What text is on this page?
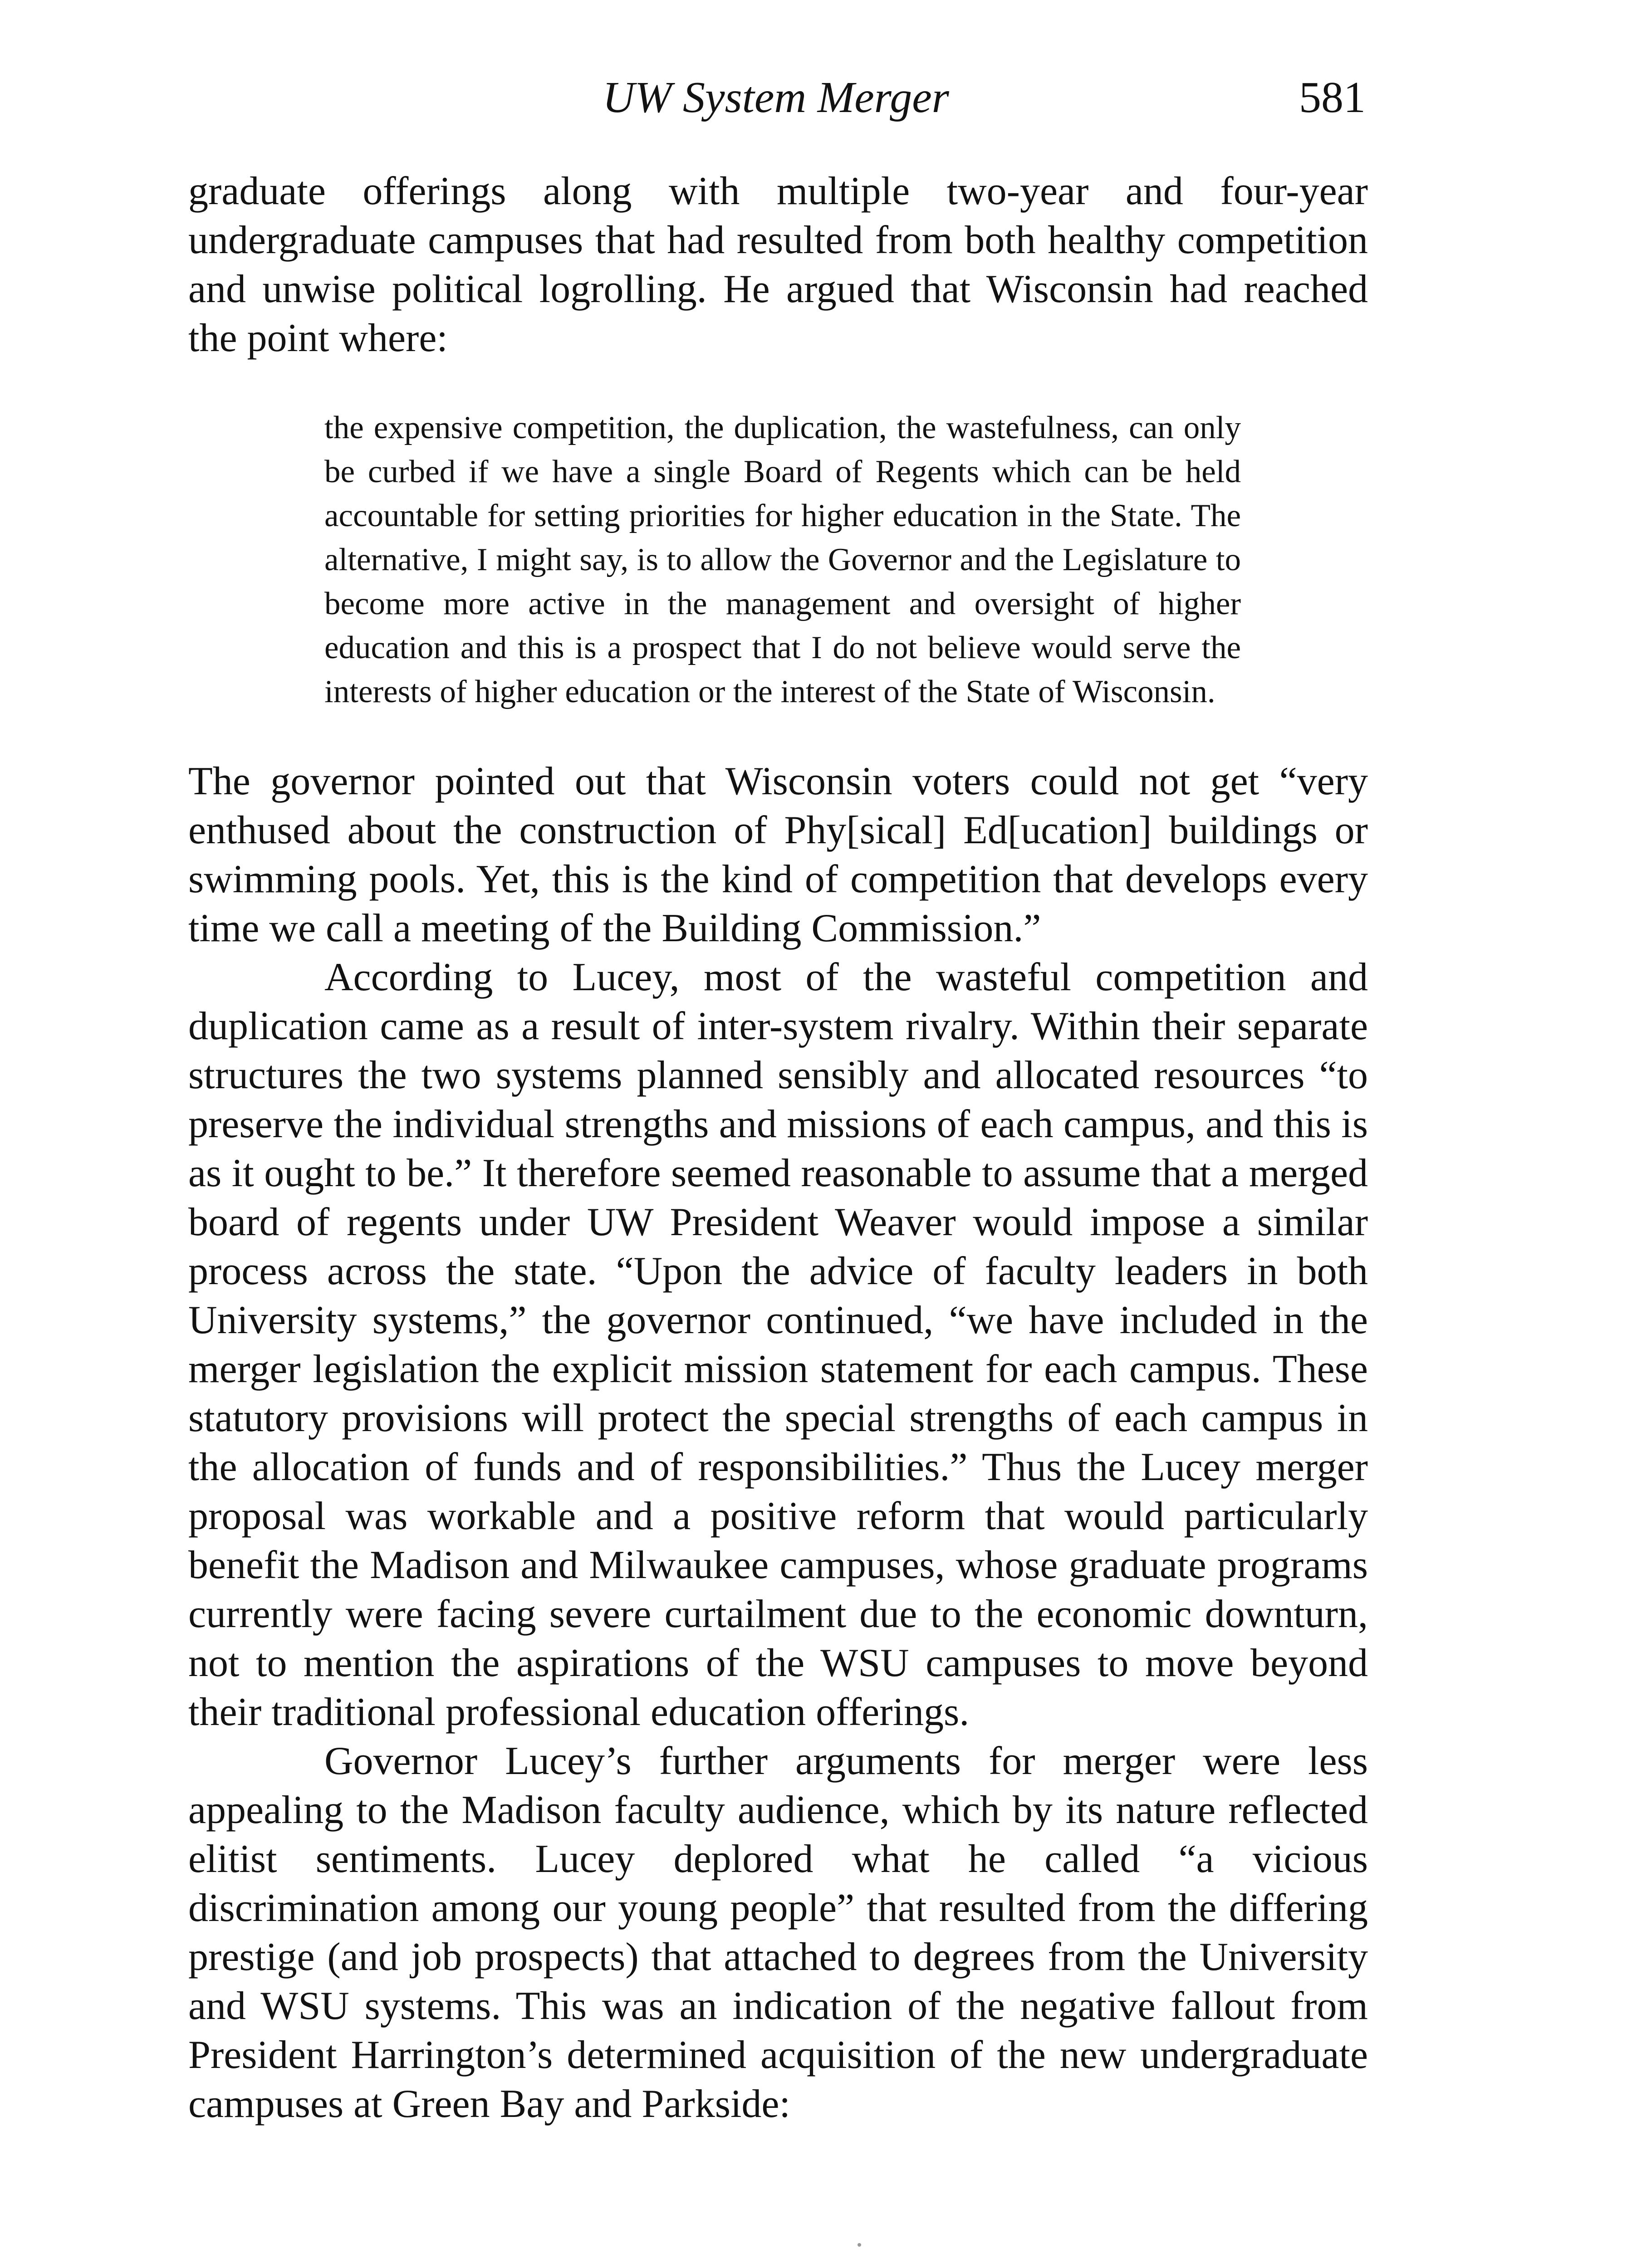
UW System Merger	581

graduate offerings along with multiple two-year and four-year undergraduate campuses that had resulted from both healthy competition and unwise political logrolling. He argued that Wisconsin had reached the point where:

the expensive competition, the duplication, the wastefulness, can only be curbed if we have a single Board of Regents which can be held accountable for setting priorities for higher education in the State. The alternative, I might say, is to allow the Governor and the Legislature to become more active in the management and oversight of higher education and this is a prospect that I do not believe would serve the interests of higher education or the interest of the State of Wisconsin.

The governor pointed out that Wisconsin voters could not get “very enthused about the construction of Phy[sical] Ed[ucation] buildings or swimming pools. Yet, this is the kind of competition that develops every time we call a meeting of the Building Commission.”

According to Lucey, most of the wasteful competition and duplication came as a result of inter-system rivalry. Within their separate structures the two systems planned sensibly and allocated resources “to preserve the individual strengths and missions of each campus, and this is as it ought to be.” It therefore seemed reasonable to assume that a merged board of regents under UW President Weaver would impose a similar process across the state. “Upon the advice of faculty leaders in both University systems,” the governor continued, “we have included in the merger legislation the explicit mission statement for each campus. These statutory provisions will protect the special strengths of each campus in the allocation of funds and of responsibilities.” Thus the Lucey merger proposal was workable and a positive reform that would particularly benefit the Madison and Milwaukee campuses, whose graduate programs currently were facing severe curtailment due to the economic downturn, not to mention the aspirations of the WSU campuses to move beyond their traditional professional education offerings.

Governor Lucey’s further arguments for merger were less appealing to the Madison faculty audience, which by its nature reflected elitist sentiments. Lucey deplored what he called “a vicious discrimination among our young people” that resulted from the differing prestige (and job prospects) that attached to degrees from the University and WSU systems. This was an indication of the negative fallout from President Harrington’s determined acquisition of the new undergraduate campuses at Green Bay and Parkside:
